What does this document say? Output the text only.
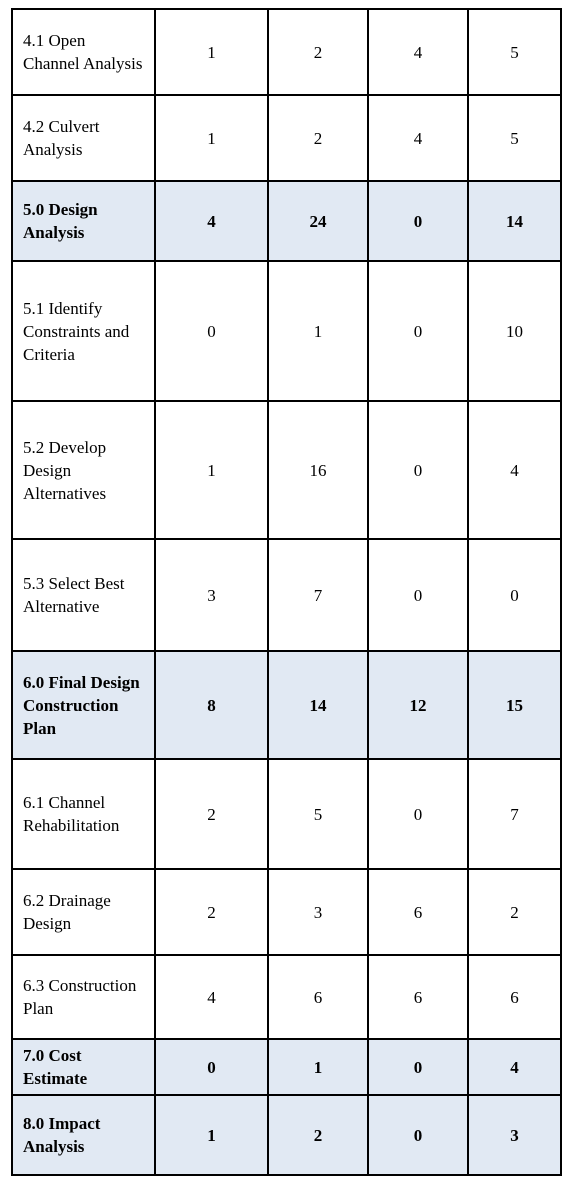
4.1 Open Channel Analysis	1	2	4	5
4.2 Culvert Analysis	1	2	4	5
5.0 Design Analysis	4	24	0	14
5.1 Identify Constraints and Criteria	0	1	0	10
5.2 Develop Design Alternatives	1	16	0	4
5.3 Select Best Alternative	3	7	0	0
6.0 Final Design Construction Plan	8	14	12	15
6.1 Channel Rehabilitation	2	5	0	7
6.2 Drainage Design	2	3	6	2
6.3 Construction Plan	4	6	6	6
7.0 Cost Estimate	0	1	0	4
8.0 Impact Analysis	1	2	0	3
